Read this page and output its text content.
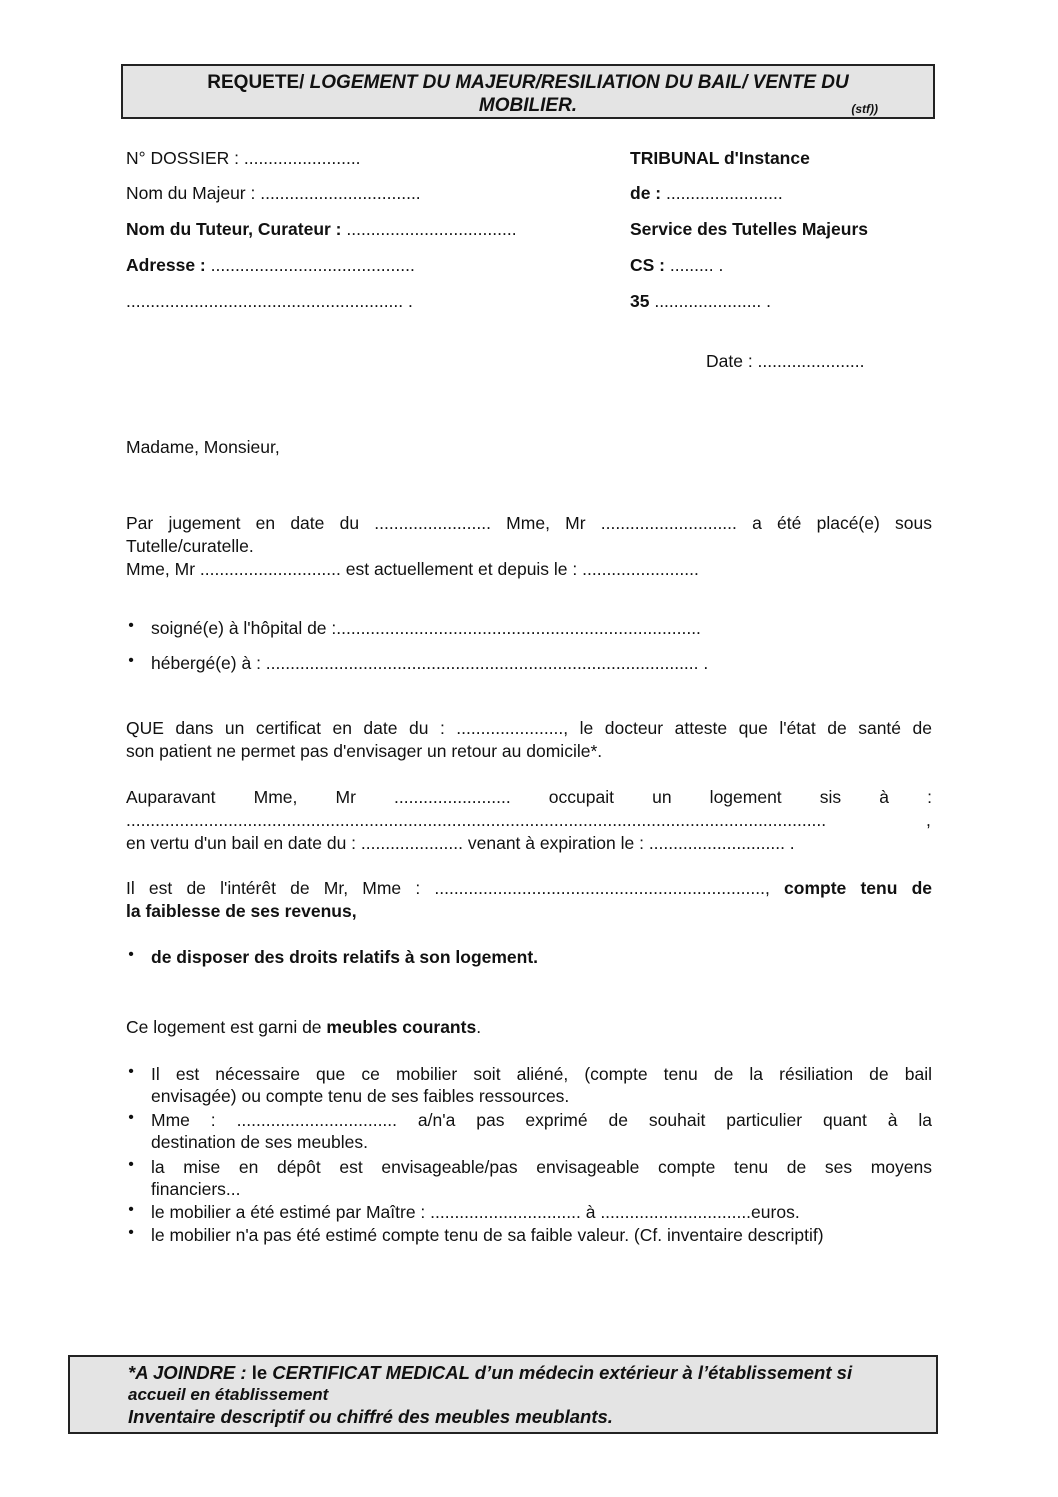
REQUETE/ LOGEMENT DU MAJEUR/RESILIATION DU BAIL/ VENTE DU
MOBILIER.	(stf))
N° DOSSIER : ........................
Nom du Majeur : .................................
Nom du Tuteur, Curateur : ...................................
Adresse : ..........................................
......................................................... .
TRIBUNAL d'Instance
de : ........................
Service des Tutelles Majeurs
CS : ......... .
35 ...................... .
Date : ......................
Madame, Monsieur,
Par jugement en date du ........................ Mme, Mr ............................ a été placé(e) sous
Tutelle/curatelle.
Mme, Mr ............................. est actuellement et depuis le : ........................
• soigné(e) à l'hôpital de :...........................................................................
• hébergé(e) à : ......................................................................................... .
QUE dans un certificat en date du : ......................, le docteur atteste que l'état de santé de
son patient ne permet pas d'envisager un retour au domicile*.
Auparavant Mme, Mr ........................ occupait un logement sis à :
................................................................................................................................................	,
en vertu d'un bail en date du : ..................... venant à expiration le : ............................ .
Il est de l'intérêt de Mr, Mme : ...................................................................., compte tenu de
la faiblesse de ses revenus,
• de disposer des droits relatifs à son logement.
Ce logement est garni de meubles courants.
• Il est nécessaire que ce mobilier soit aliéné, (compte tenu de la résiliation de bail
envisagée) ou compte tenu de ses faibles ressources.
• Mme : ................................. a/n'a pas exprimé de souhait particulier quant à la
destination de ses meubles.
• la mise en dépôt est envisageable/pas envisageable compte tenu de ses moyens
financiers...
• le mobilier a été estimé par Maître : ............................... à ...............................euros.
• le mobilier n'a pas été estimé compte tenu de sa faible valeur. (Cf. inventaire descriptif)
*A JOINDRE : le CERTIFICAT MEDICAL d’un médecin extérieur à l’établissement si
accueil en établissement
Inventaire descriptif ou chiffré des meubles meublants.
